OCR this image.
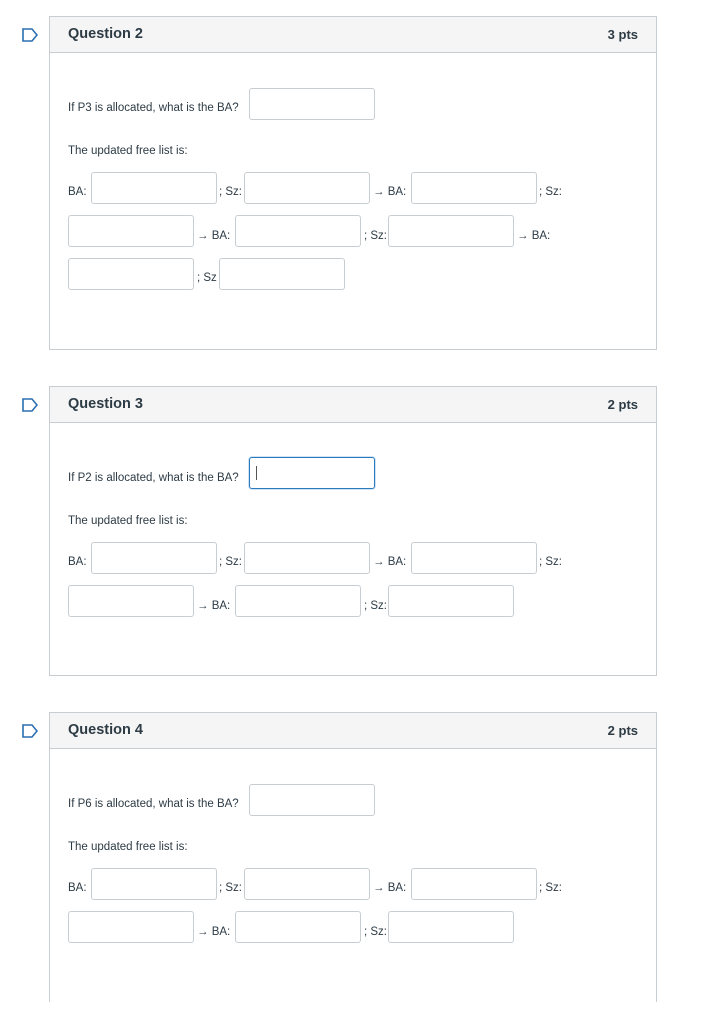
Question 2	3 pts
If P3 is allocated, what is the BA?
The updated free list is:
BA:	; Sz:	→ BA:	; Sz:
→ BA:	; Sz:	→ BA:
; Sz
Question 3	2 pts
If P2 is allocated, what is the BA?
The updated free list is:
BA:	; Sz:	→ BA:	; Sz:
→ BA:	; Sz:
Question 4	2 pts
If P6 is allocated, what is the BA?
The updated free list is:
BA:	; Sz:	→ BA:	; Sz:
→ BA:	; Sz:
